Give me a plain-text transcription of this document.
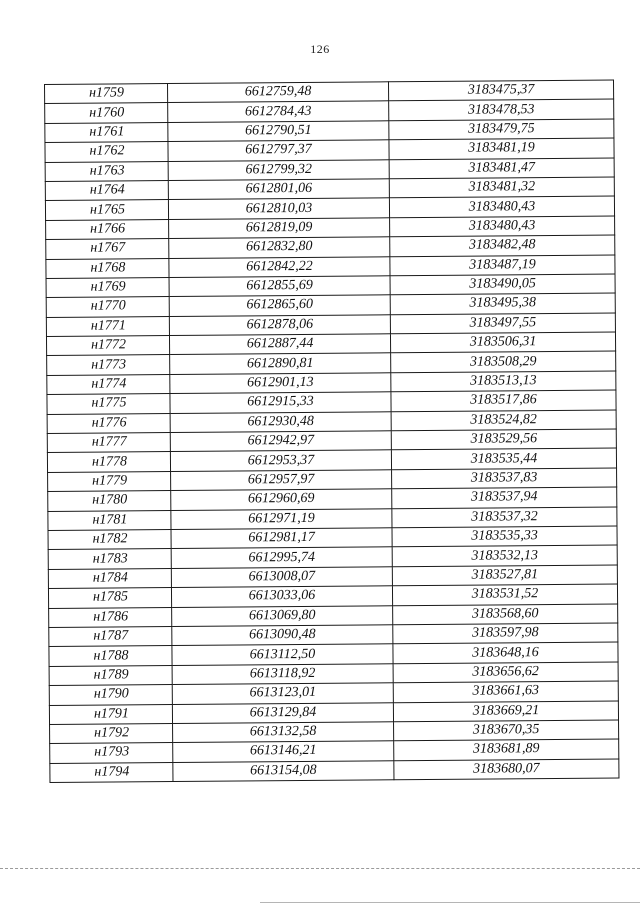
126
н1759	6612759,48	3183475,37
н1760	6612784,43	3183478,53
н1761	6612790,51	3183479,75
н1762	6612797,37	3183481,19
н1763	6612799,32	3183481,47
н1764	6612801,06	3183481,32
н1765	6612810,03	3183480,43
н1766	6612819,09	3183480,43
н1767	6612832,80	3183482,48
н1768	6612842,22	3183487,19
н1769	6612855,69	3183490,05
н1770	6612865,60	3183495,38
н1771	6612878,06	3183497,55
н1772	6612887,44	3183506,31
н1773	6612890,81	3183508,29
н1774	6612901,13	3183513,13
н1775	6612915,33	3183517,86
н1776	6612930,48	3183524,82
н1777	6612942,97	3183529,56
н1778	6612953,37	3183535,44
н1779	6612957,97	3183537,83
н1780	6612960,69	3183537,94
н1781	6612971,19	3183537,32
н1782	6612981,17	3183535,33
н1783	6612995,74	3183532,13
н1784	6613008,07	3183527,81
н1785	6613033,06	3183531,52
н1786	6613069,80	3183568,60
н1787	6613090,48	3183597,98
н1788	6613112,50	3183648,16
н1789	6613118,92	3183656,62
н1790	6613123,01	3183661,63
н1791	6613129,84	3183669,21
н1792	6613132,58	3183670,35
н1793	6613146,21	3183681,89
н1794	6613154,08	3183680,07
